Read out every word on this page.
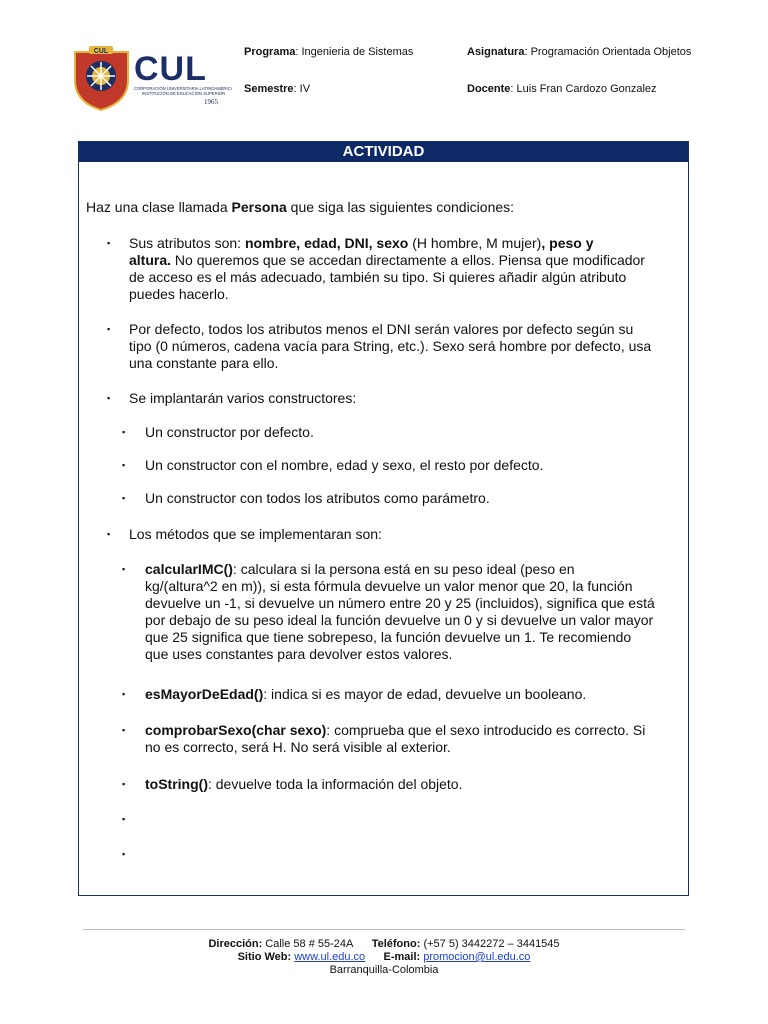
CUL CUL
CORPORACIÓN UNIVERSITARIA LATINOAMERICANA
INSTITUCIÓN DE EDUCACIÓN SUPERIOR
1965
Programa: Ingenieria de Sistemas	Asignatura: Programación Orientada Objetos
Semestre: IV	Docente: Luis Fran Cardozo Gonzalez
ACTIVIDAD
Haz una clase llamada Persona que siga las siguientes condiciones:
▪ Sus atributos son: nombre, edad, DNI, sexo (H hombre, M mujer), peso y
altura. No queremos que se accedan directamente a ellos. Piensa que modificador
de acceso es el más adecuado, también su tipo. Si quieres añadir algún atributo
puedes hacerlo.
▪ Por defecto, todos los atributos menos el DNI serán valores por defecto según su
tipo (0 números, cadena vacía para String, etc.). Sexo será hombre por defecto, usa
una constante para ello.
▪ Se implantarán varios constructores:
▪ Un constructor por defecto.
▪ Un constructor con el nombre, edad y sexo, el resto por defecto.
▪ Un constructor con todos los atributos como parámetro.
▪ Los métodos que se implementaran son:
▪ calcularIMC(): calculara si la persona está en su peso ideal (peso en
kg/(altura^2 en m)), si esta fórmula devuelve un valor menor que 20, la función
devuelve un -1, si devuelve un número entre 20 y 25 (incluidos), significa que está
por debajo de su peso ideal la función devuelve un 0 y si devuelve un valor mayor
que 25 significa que tiene sobrepeso, la función devuelve un 1. Te recomiendo
que uses constantes para devolver estos valores.
▪ esMayorDeEdad(): indica si es mayor de edad, devuelve un booleano.
▪ comprobarSexo(char sexo): comprueba que el sexo introducido es correcto. Si
no es correcto, será H. No será visible al exterior.
▪ toString(): devuelve toda la información del objeto.
▪
▪
Dirección: Calle 58 # 55-24A Teléfono: (+57 5) 3442272 – 3441545
Sitio Web: www.ul.edu.co E-mail: promocion@ul.edu.co
Barranquilla-Colombia
